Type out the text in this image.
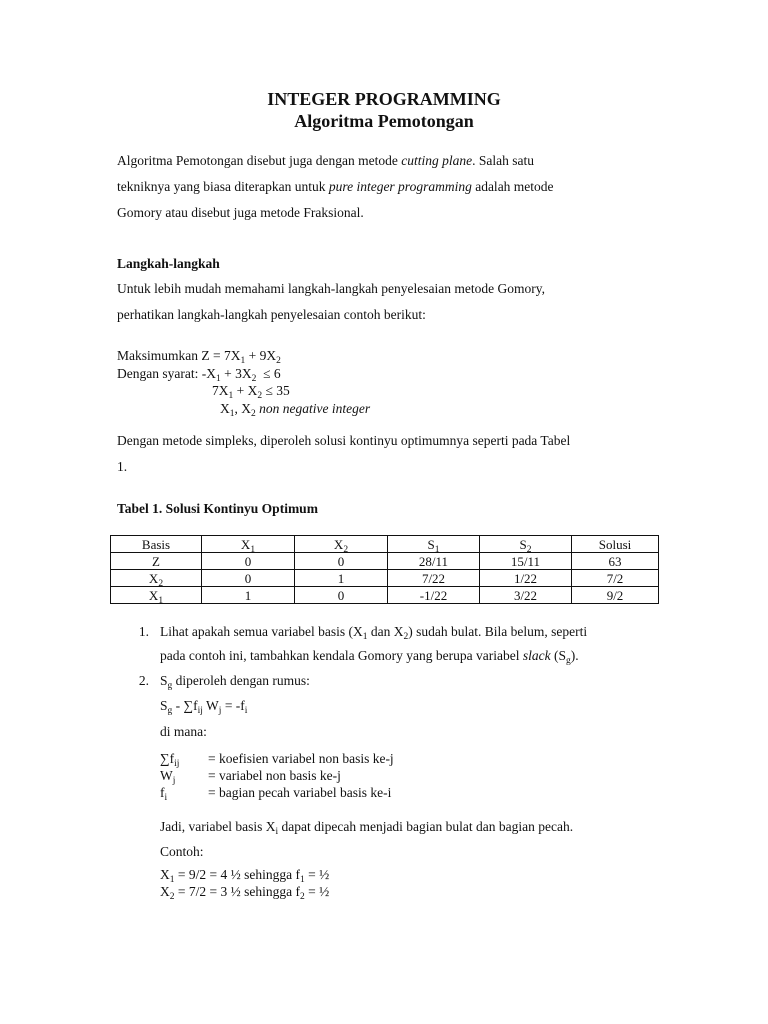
INTEGER PROGRAMMING
Algoritma Pemotongan
Algoritma Pemotongan disebut juga dengan metode cutting plane. Salah satu
tekniknya yang biasa diterapkan untuk pure integer programming adalah metode
Gomory atau disebut juga metode Fraksional.
Langkah-langkah
Untuk lebih mudah memahami langkah-langkah penyelesaian metode Gomory,
perhatikan langkah-langkah penyelesaian contoh berikut:
Maksimumkan $Z = 7X_1 + 9X_2$
Dengan syarat: $-X_1 + 3X_2 \le 6$
$7X_1 + X_2 \le 35$
$X_1$, $X_2$ non negative integer
Dengan metode simpleks, diperoleh solusi kontinyu optimumnya seperti pada Tabel
1.
Tabel 1. Solusi Kontinyu Optimum
Basis	$X_1$	$X_2$	$S_1$	$S_2$	Solusi
Z	0	0	28/11	15/11	63
$X_2$	0	1	7/22	1/22	7/2
$X_1$	1	0	-1/22	3/22	9/2
1. Lihat apakah semua variabel basis ($X_1$ dan $X_2$) sudah bulat. Bila belum, seperti
pada contoh ini, tambahkan kendala Gomory yang berupa variabel slack $(S_g)$.
2. $S_g$ diperoleh dengan rumus:
$S_g - \sum f_{ij}$ $W_j = -f_i$
di mana:
$\sum f_{ij}$ = koefisien variabel non basis ke-j
$W_j$ = variabel non basis ke-j
$f_i$	= bagian pecah variabel basis ke-i
Jadi, variabel basis $X_i$ dapat dipecah menjadi bagian bulat dan bagian pecah.
Contoh:
$X_1 = 9/2 = 4$ ½ sehingga $f_1$ = ½
$X_2 = 7/2 = 3$ ½ sehingga $f_2$ = ½
